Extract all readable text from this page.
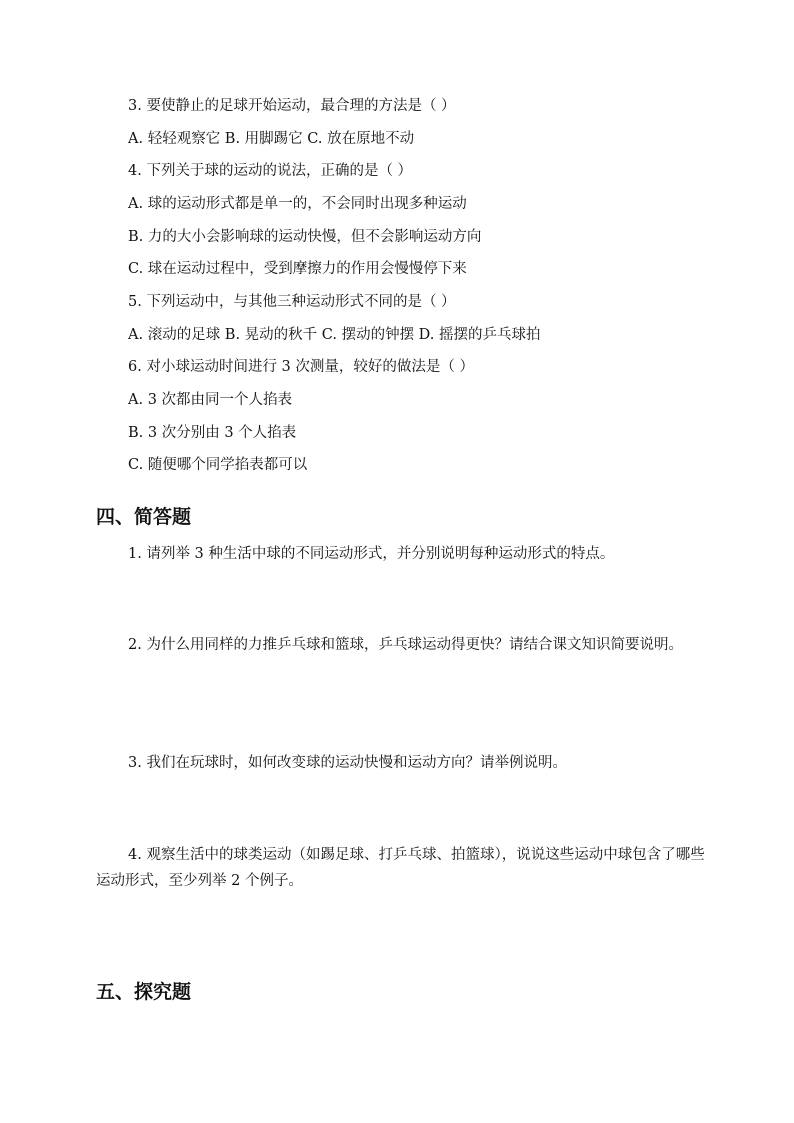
3. 要使静止的足球开始运动，最合理的方法是（ ）
A. 轻轻观察它 B. 用脚踢它 C. 放在原地不动
4. 下列关于球的运动的说法，正确的是（ ）
A. 球的运动形式都是单一的，不会同时出现多种运动
B. 力的大小会影响球的运动快慢，但不会影响运动方向
C. 球在运动过程中，受到摩擦力的作用会慢慢停下来
5. 下列运动中，与其他三种运动形式不同的是（ ）
A. 滚动的足球 B. 晃动的秋千 C. 摆动的钟摆 D. 摇摆的乒乓球拍
6. 对小球运动时间进行 3 次测量，较好的做法是（ ）
A. 3 次都由同一个人掐表
B. 3 次分别由 3 个人掐表
C. 随便哪个同学掐表都可以
四、简答题
1. 请列举 3 种生活中球的不同运动形式，并分别说明每种运动形式的特点。
2. 为什么用同样的力推乒乓球和篮球，乒乓球运动得更快？请结合课文知识简要说明。
3. 我们在玩球时，如何改变球的运动快慢和运动方向？请举例说明。
4. 观察生活中的球类运动（如踢足球、打乒乓球、拍篮球），说说这些运动中球包含了哪些运动形式，至少列举 2 个例子。
五、探究题
